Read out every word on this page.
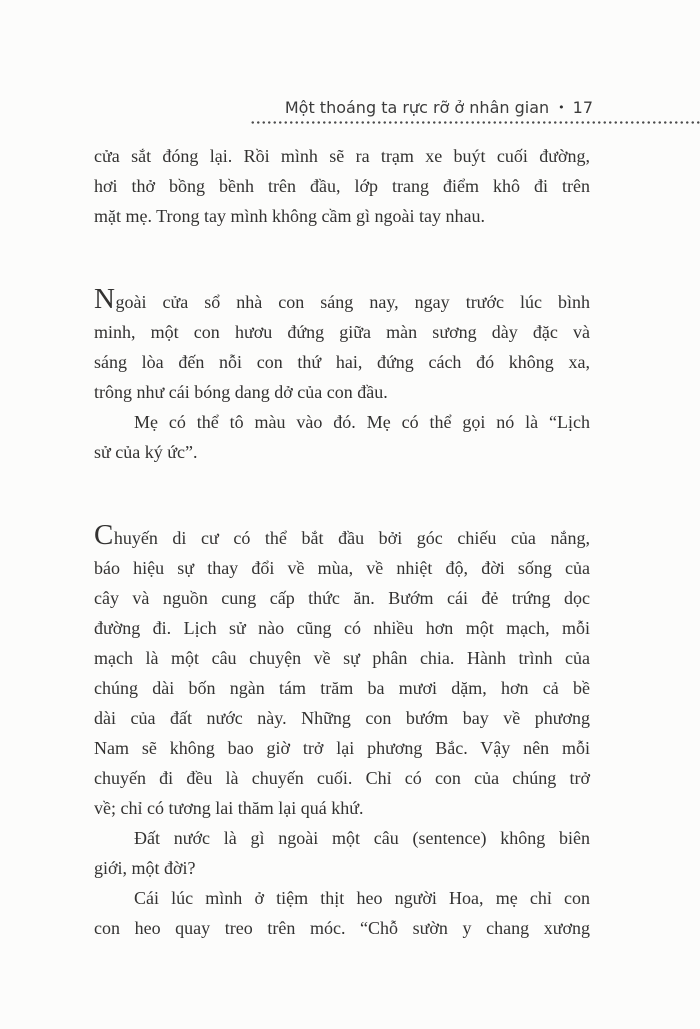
Một thoáng ta rực rỡ ở nhân gian • 17
cửa sắt đóng lại. Rồi mình sẽ ra trạm xe buýt cuối đường,
hơi thở bồng bềnh trên đầu, lớp trang điểm khô đi trên
mặt mẹ. Trong tay mình không cầm gì ngoài tay nhau.
Ngoài cửa sổ nhà con sáng nay, ngay trước lúc bình
minh, một con hươu đứng giữa màn sương dày đặc và
sáng lòa đến nỗi con thứ hai, đứng cách đó không xa,
trông như cái bóng dang dở của con đầu.
Mẹ có thể tô màu vào đó. Mẹ có thể gọi nó là “Lịch
sử của ký ức”.
Chuyến di cư có thể bắt đầu bởi góc chiếu của nắng,
báo hiệu sự thay đổi về mùa, về nhiệt độ, đời sống của
cây và nguồn cung cấp thức ăn. Bướm cái đẻ trứng dọc
đường đi. Lịch sử nào cũng có nhiều hơn một mạch, mỗi
mạch là một câu chuyện về sự phân chia. Hành trình của
chúng dài bốn ngàn tám trăm ba mươi dặm, hơn cả bề
dài của đất nước này. Những con bướm bay về phương
Nam sẽ không bao giờ trở lại phương Bắc. Vậy nên mỗi
chuyến đi đều là chuyến cuối. Chỉ có con của chúng trở
về; chỉ có tương lai thăm lại quá khứ.
Đất nước là gì ngoài một câu (sentence) không biên
giới, một đời?
Cái lúc mình ở tiệm thịt heo người Hoa, mẹ chỉ con
con heo quay treo trên móc. “Chỗ sườn y chang xương
